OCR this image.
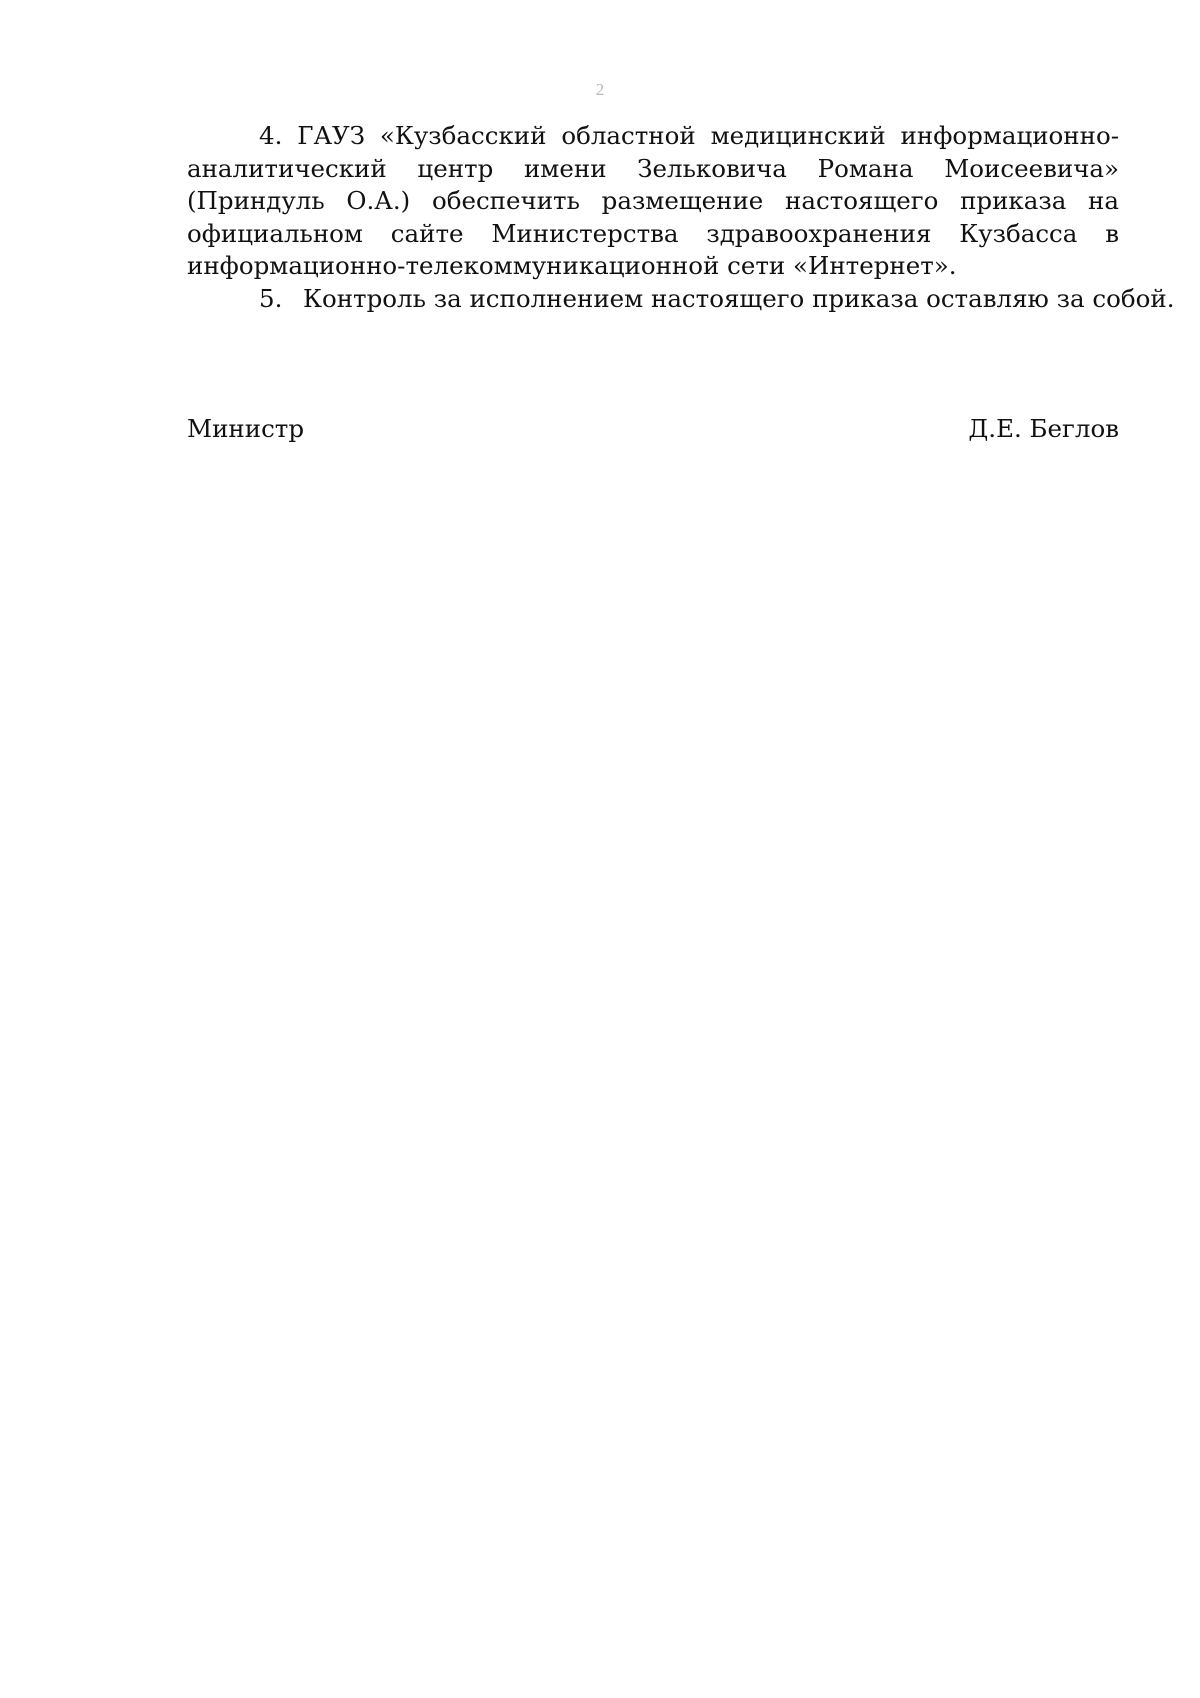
2
4. ГАУЗ «Кузбасский областной медицинский информационно-
аналитический центр имени Зельковича Романа Моисеевича»
(Приндуль О.А.) обеспечить размещение настоящего приказа на
официальном сайте Министерства здравоохранения Кузбасса в
информационно-телекоммуникационной сети «Интернет».
5. Контроль за исполнением настоящего приказа оставляю за собой.
Министр	Д.Е. Беглов
